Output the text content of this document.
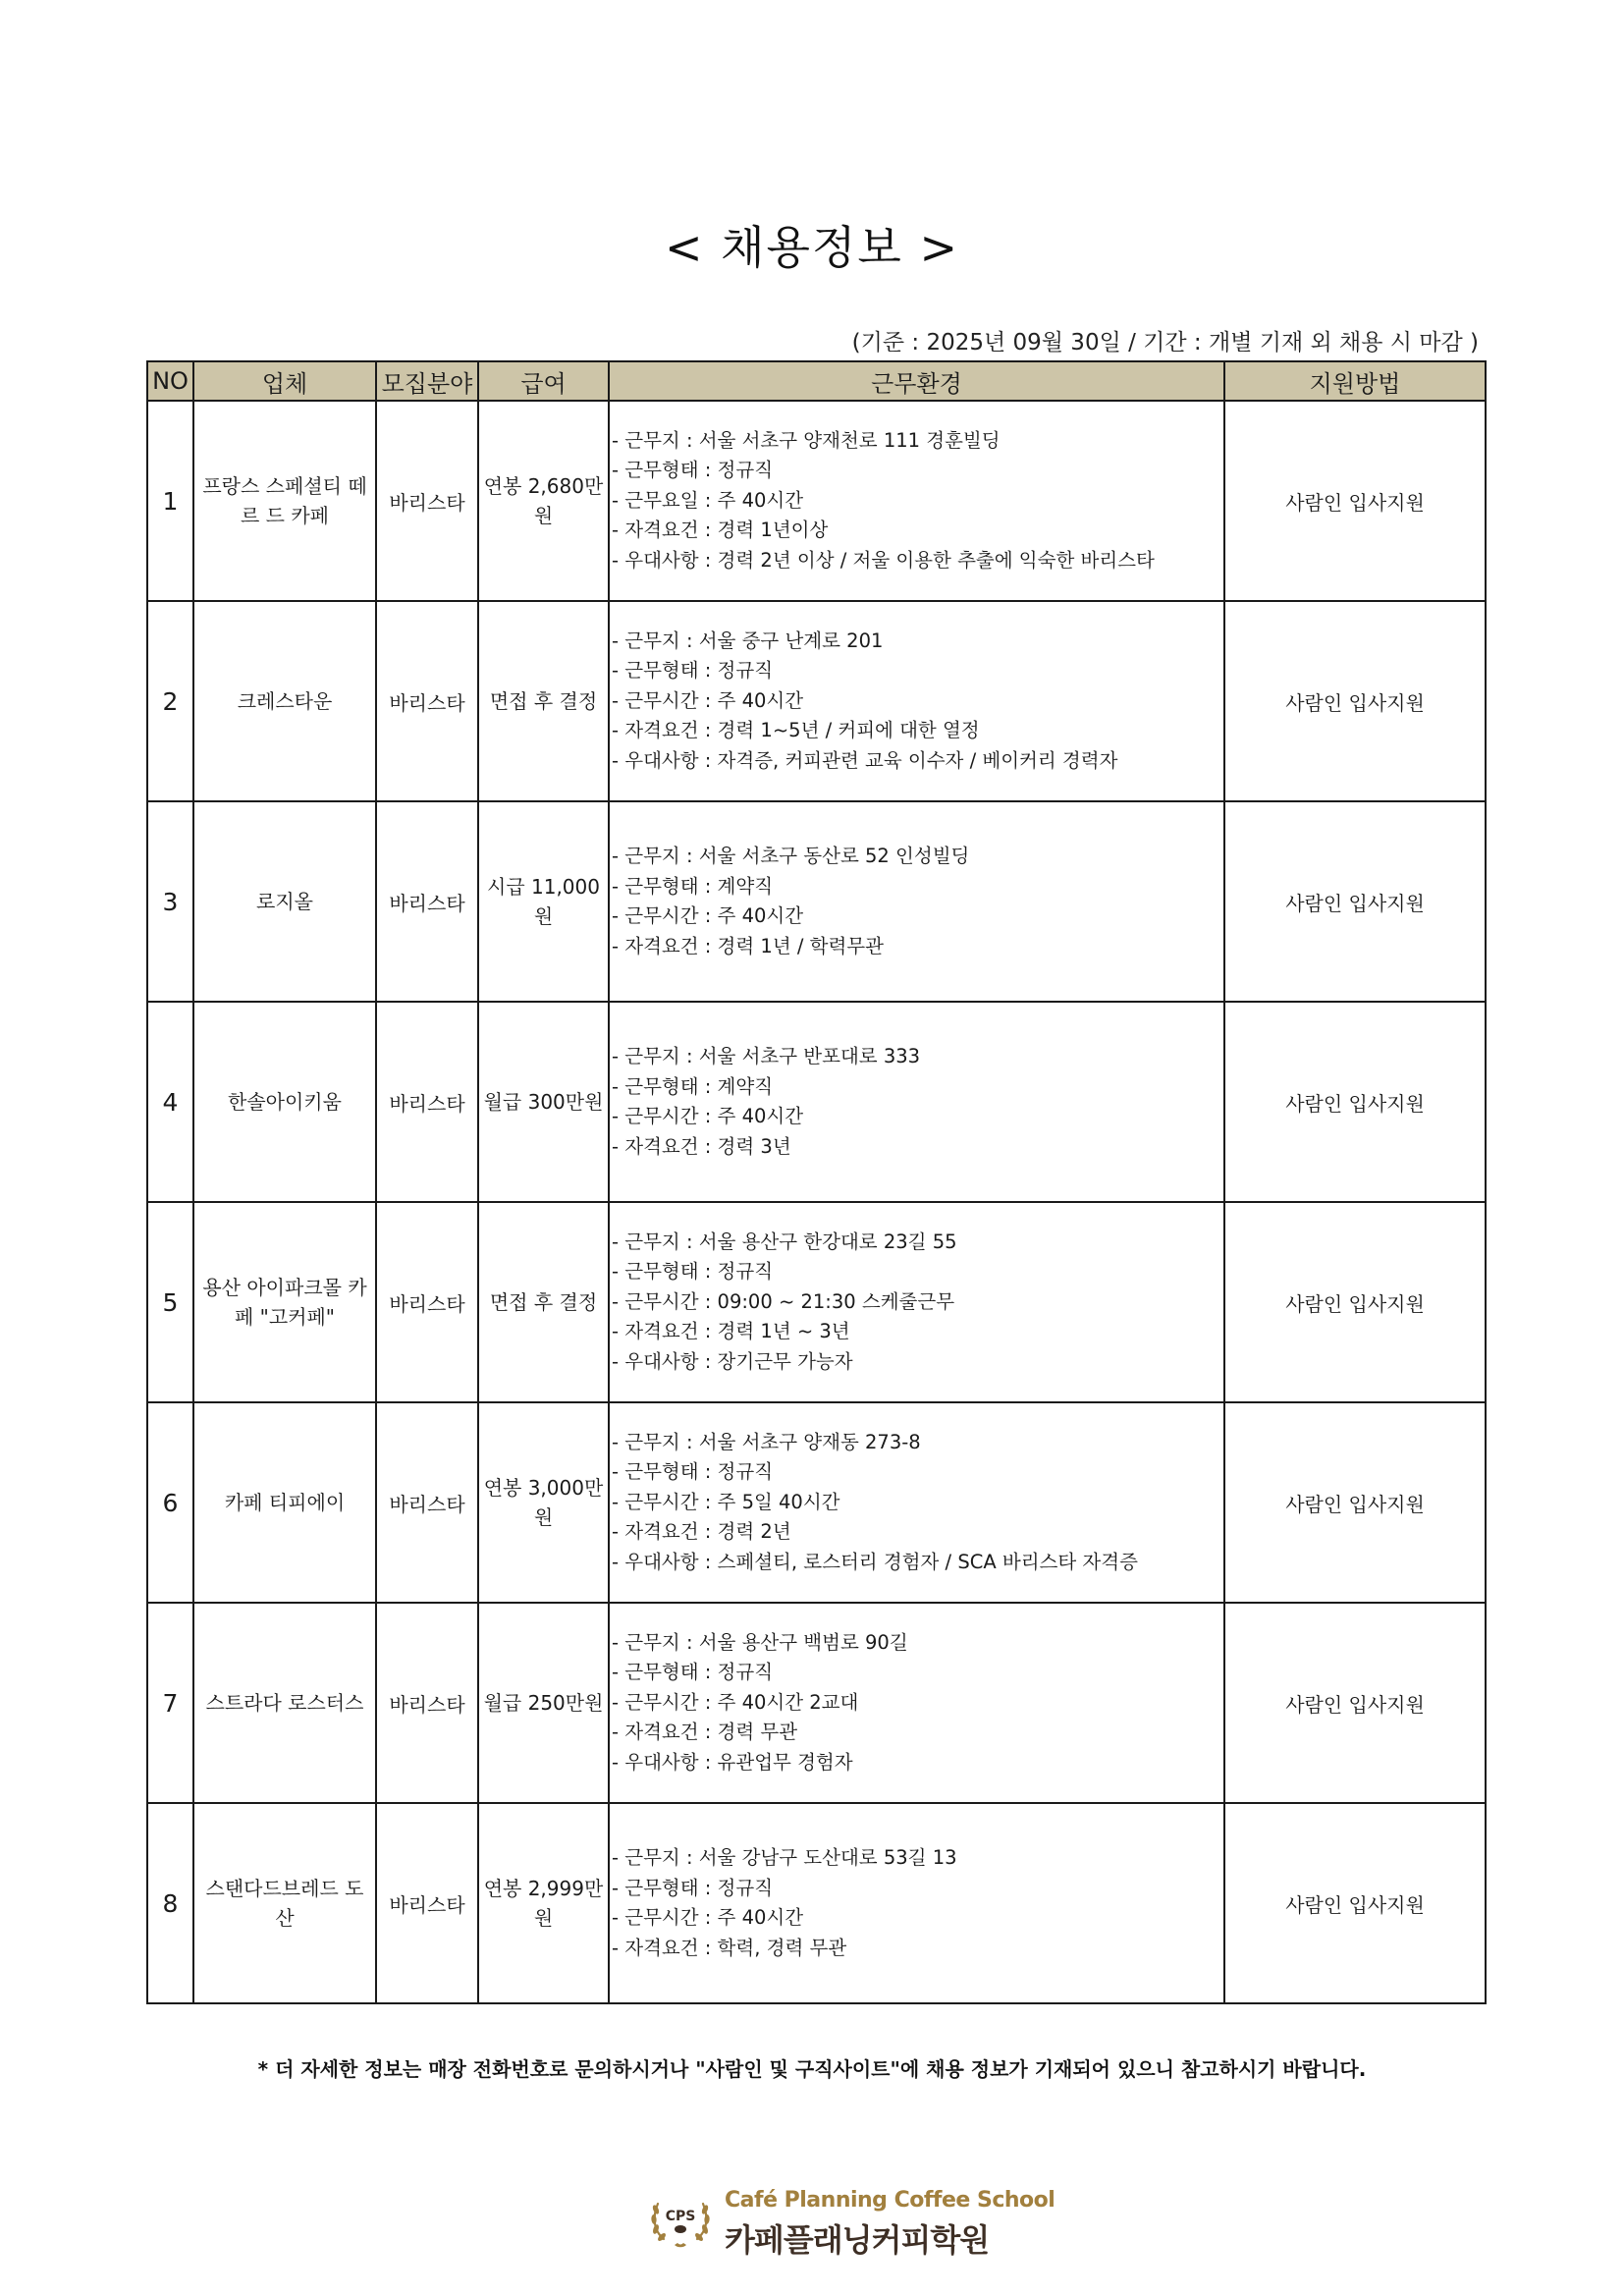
< 채용정보 >
(기준 : 2025년 09월 30일 / 기간 : 개별 기재 외 채용 시 마감 )
NO	업체	모집분야	급여	근무환경	지원방법
1	프랑스 스페셜티 떼르 드 카페	바리스타	연봉 2,680만원	- 근무지 : 서울 서초구 양재천로 111 경훈빌딩
- 근무형태 : 정규직
- 근무요일 : 주 40시간
- 자격요건 : 경력 1년이상
- 우대사항 : 경력 2년 이상 / 저울 이용한 추출에 익숙한 바리스타	사람인 입사지원
2	크레스타운	바리스타	면접 후 결정	- 근무지 : 서울 중구 난계로 201
- 근무형태 : 정규직
- 근무시간 : 주 40시간
- 자격요건 : 경력 1~5년 / 커피에 대한 열정
- 우대사항 : 자격증, 커피관련 교육 이수자 / 베이커리 경력자	사람인 입사지원
3	로지올	바리스타	시급 11,000원	- 근무지 : 서울 서초구 동산로 52 인성빌딩
- 근무형태 : 계약직
- 근무시간 : 주 40시간
- 자격요건 : 경력 1년 / 학력무관	사람인 입사지원
4	한솔아이키움	바리스타	월급 300만원	- 근무지 : 서울 서초구 반포대로 333
- 근무형태 : 계약직
- 근무시간 : 주 40시간
- 자격요건 : 경력 3년	사람인 입사지원
5	용산 아이파크몰 카페 "고커페"	바리스타	면접 후 결정	- 근무지 : 서울 용산구 한강대로 23길 55
- 근무형태 : 정규직
- 근무시간 : 09:00 ~ 21:30 스케줄근무
- 자격요건 : 경력 1년 ~ 3년
- 우대사항 : 장기근무 가능자	사람인 입사지원
6	카페 티피에이	바리스타	연봉 3,000만원	- 근무지 : 서울 서초구 양재동 273-8
- 근무형태 : 정규직
- 근무시간 : 주 5일 40시간
- 자격요건 : 경력 2년
- 우대사항 : 스페셜티, 로스터리 경험자 / SCA 바리스타 자격증	사람인 입사지원
7	스트라다 로스터스	바리스타	월급 250만원	- 근무지 : 서울 용산구 백범로 90길
- 근무형태 : 정규직
- 근무시간 : 주 40시간 2교대
- 자격요건 : 경력 무관
- 우대사항 : 유관업무 경험자	사람인 입사지원
8	스탠다드브레드 도산	바리스타	연봉 2,999만원	- 근무지 : 서울 강남구 도산대로 53길 13
- 근무형태 : 정규직
- 근무시간 : 주 40시간
- 자격요건 : 학력, 경력 무관	사람인 입사지원
* 더 자세한 정보는 매장 전화번호로 문의하시거나 "사람인 및 구직사이트"에 채용 정보가 기재되어 있으니 참고하시기 바랍니다.
CPS
Café Planning Coffee School
카페플래닝커피학원
